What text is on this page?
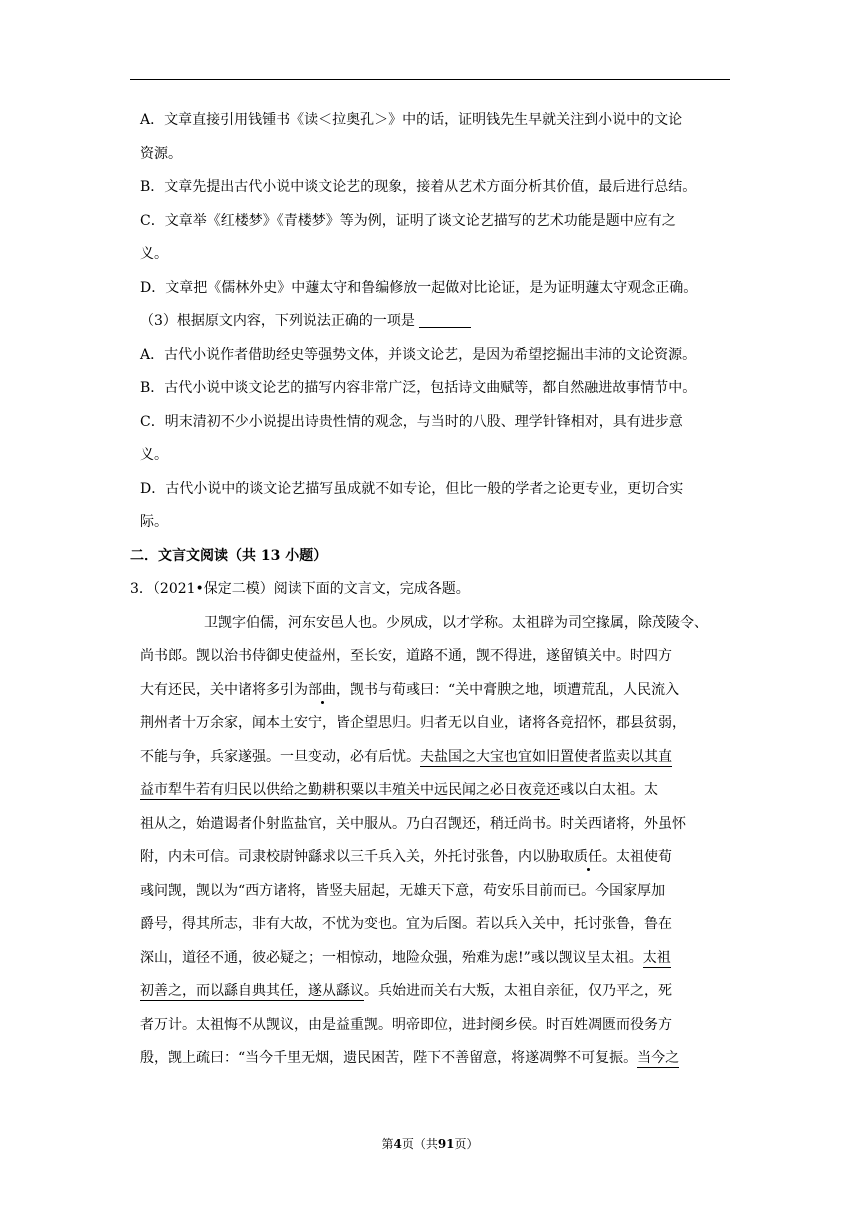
A．文章直接引用钱锺书《读＜拉奥孔＞》中的话，证明钱先生早就关注到小说中的文论
资源。
B．文章先提出古代小说中谈文论艺的现象，接着从艺术方面分析其价值，最后进行总结。
C．文章举《红楼梦》《青楼梦》等为例，证明了谈文论艺描写的艺术功能是题中应有之
义。
D．文章把《儒林外史》中蘧太守和鲁编修放一起做对比论证，是为证明蘧太守观念正确。
（3）根据原文内容，下列说法正确的一项是
A．古代小说作者借助经史等强势文体，并谈文论艺，是因为希望挖掘出丰沛的文论资源。
B．古代小说中谈文论艺的描写内容非常广泛，包括诗文曲赋等，都自然融进故事情节中。
C．明末清初不少小说提出诗贵性情的观念，与当时的八股、理学针锋相对，具有进步意
义。
D．古代小说中的谈文论艺描写虽成就不如专论，但比一般的学者之论更专业，更切合实
际。
二．文言文阅读（共 13 小题）
3．（2021•保定二模）阅读下面的文言文，完成各题。
卫觊字伯儒，河东安邑人也。少夙成，以才学称。太祖辟为司空掾属，除茂陵令、
尚书郎。觊以治书侍御史使益州，至长安，道路不通，觊不得进，遂留镇关中。时四方
大有还民，关中诸将多引为部曲，觊书与荀彧曰：“关中膏腴之地，顷遭荒乱，人民流入
荆州者十万余家，闻本土安宁，皆企望思归。归者无以自业，诸将各竞招怀，郡县贫弱，
不能与争，兵家遂强。一旦变动，必有后忧。夫盐国之大宝也宜如旧置使者监卖以其直
益市犁牛若有归民以供给之勤耕积粟以丰殖关中远民闻之必日夜竞还彧以白太祖。太
祖从之，始遣谒者仆射监盐官，关中服从。乃白召觊还，稍迁尚书。时关西诸将，外虽怀
附，内未可信。司隶校尉钟繇求以三千兵入关，外托讨张鲁，内以胁取质任。太祖使荀
彧问觊，觊以为“西方诸将，皆竖夫屈起，无雄天下意，苟安乐目前而已。今国家厚加
爵号，得其所志，非有大故，不忧为变也。宜为后图。若以兵入关中，托讨张鲁，鲁在
深山，道径不通，彼必疑之；一相惊动，地险众强，殆难为虑!”彧以觊议呈太祖。太祖
初善之，而以繇自典其任，遂从繇议。兵始进而关右大叛，太祖自亲征，仅乃平之，死
者万计。太祖悔不从觊议，由是益重觊。明帝即位，进封阌乡侯。时百姓凋匮而役务方
殷，觊上疏曰：“当今千里无烟，遗民困苦，陛下不善留意，将遂凋弊不可复振。当今之
第4页（共91页）
